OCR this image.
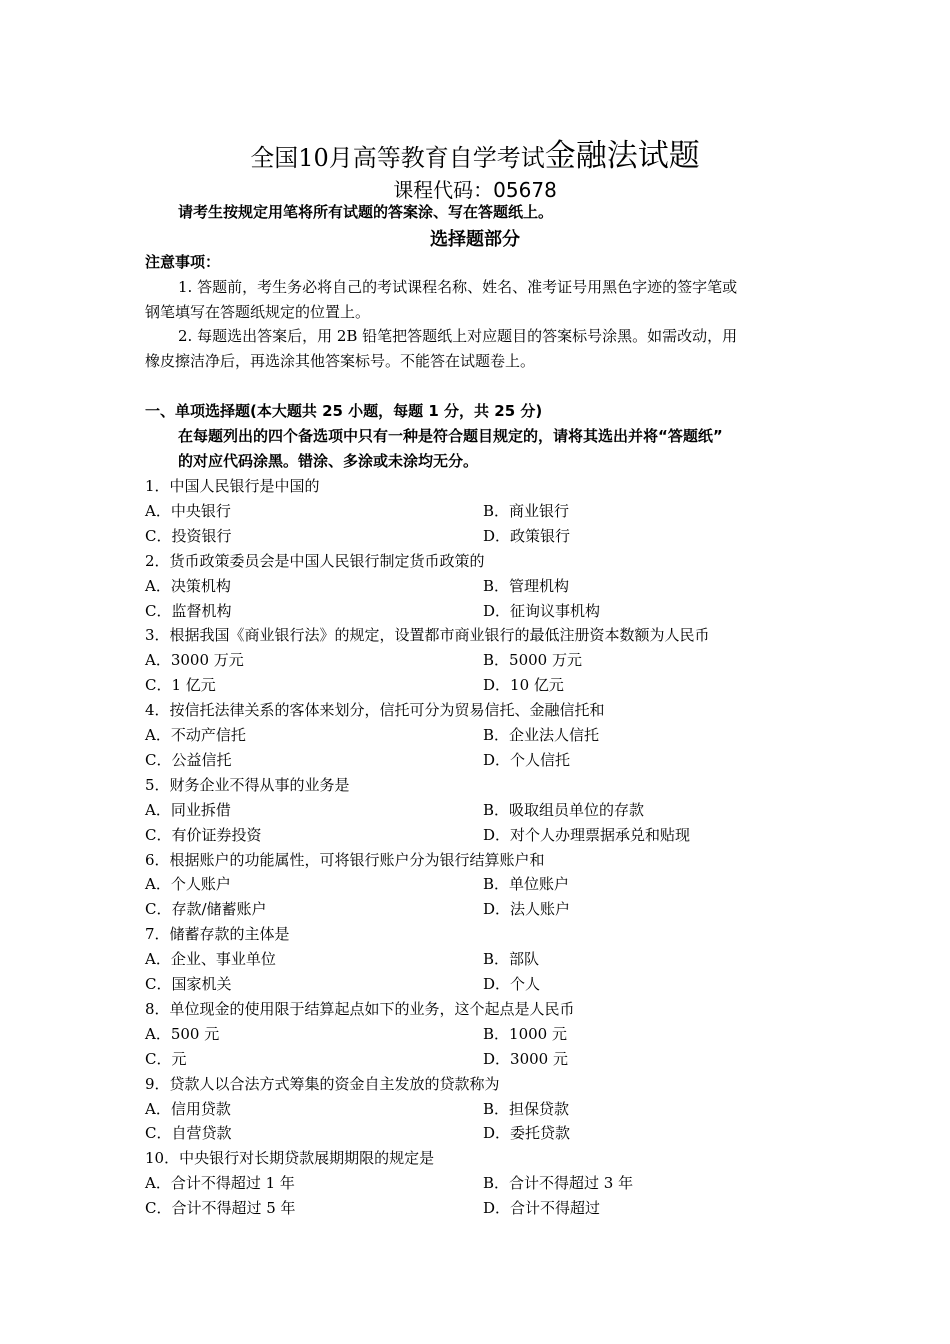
全国10月高等教育自学考试金融法试题
课程代码：05678
请考生按规定用笔将所有试题的答案涂、写在答题纸上。
选择题部分
注意事项：
1. 答题前，考生务必将自己的考试课程名称、姓名、准考证号用黑色字迹的签字笔或
钢笔填写在答题纸规定的位置上。
2. 每题选出答案后，用 2B 铅笔把答题纸上对应题目的答案标号涂黑。如需改动，用
橡皮擦洁净后，再选涂其他答案标号。不能答在试题卷上。
一、单项选择题(本大题共 25 小题，每题 1 分，共 25 分)
在每题列出的四个备选项中只有一种是符合题目规定的，请将其选出并将“答题纸”
的对应代码涂黑。错涂、多涂或未涂均无分。
1．中国人民银行是中国的
A．中央银行	B．商业银行
C．投资银行	D．政策银行
2．货币政策委员会是中国人民银行制定货币政策的
A．决策机构	B．管理机构
C．监督机构	D．征询议事机构
3．根据我国《商业银行法》的规定，设置都市商业银行的最低注册资本数额为人民币
A．3000 万元	B．5000 万元
C．1 亿元	D．10 亿元
4．按信托法律关系的客体来划分，信托可分为贸易信托、金融信托和
A．不动产信托	B．企业法人信托
C．公益信托	D．个人信托
5．财务企业不得从事的业务是
A．同业拆借	B．吸取组员单位的存款
C．有价证券投资	D．对个人办理票据承兑和贴现
6．根据账户的功能属性，可将银行账户分为银行结算账户和
A．个人账户	B．单位账户
C．存款/储蓄账户	D．法人账户
7．储蓄存款的主体是
A．企业、事业单位	B．部队
C．国家机关	D．个人
8．单位现金的使用限于结算起点如下的业务，这个起点是人民币
A．500 元	B．1000 元
C．元	D．3000 元
9．贷款人以合法方式筹集的资金自主发放的贷款称为
A．信用贷款	B．担保贷款
C．自营贷款	D．委托贷款
10．中央银行对长期贷款展期期限的规定是
A．合计不得超过 1 年	B．合计不得超过 3 年
C．合计不得超过 5 年	D．合计不得超过
